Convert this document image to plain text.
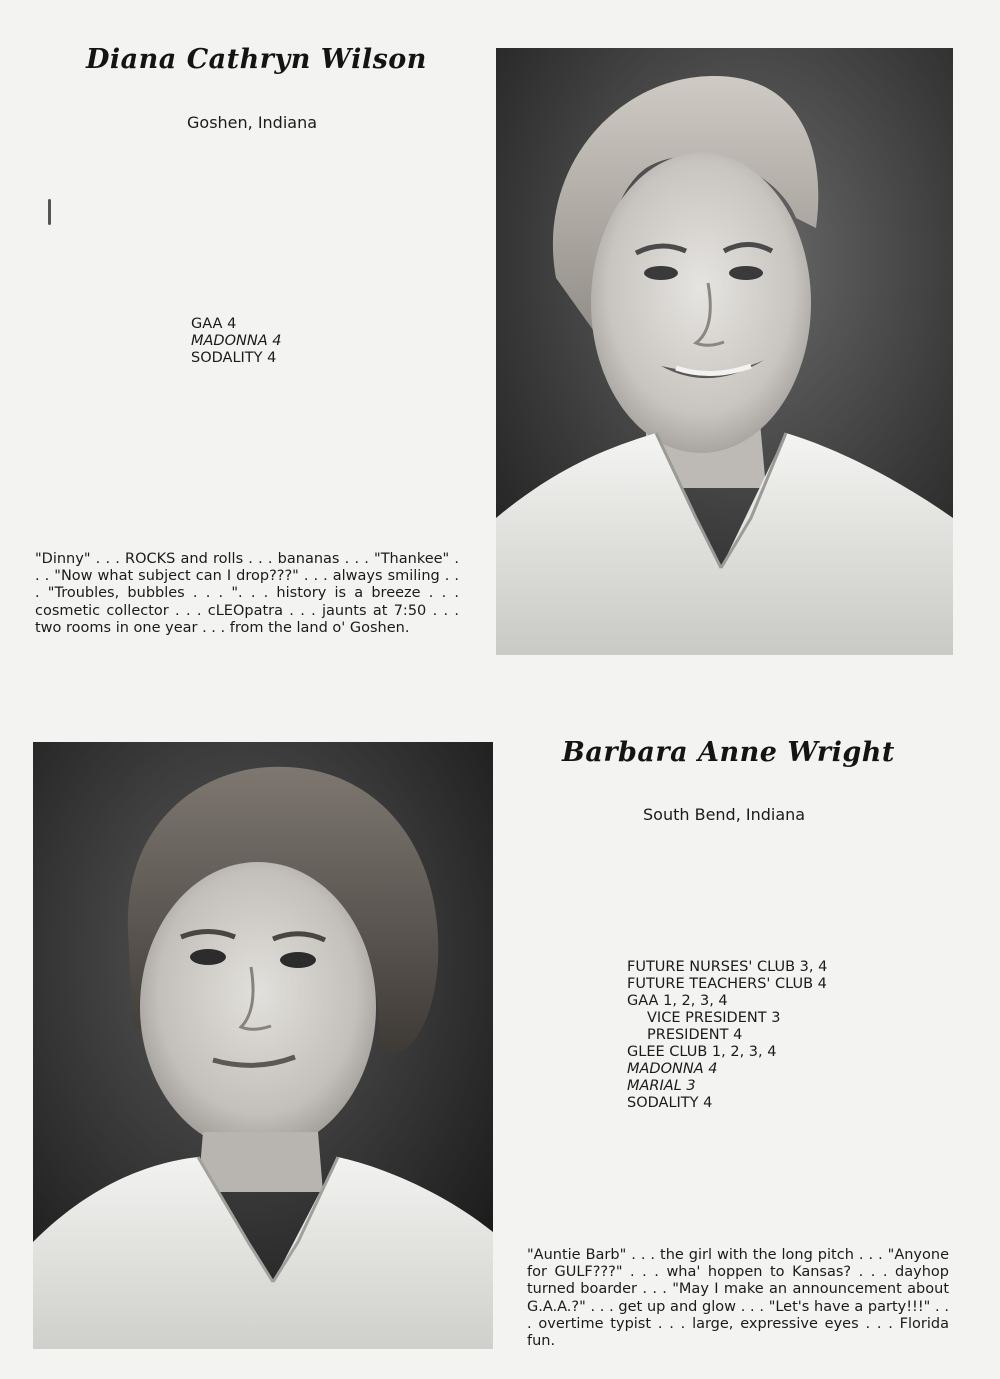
Diana Cathryn Wilson
Goshen, Indiana
GAA 4
MADONNA 4
SODALITY 4

"Dinny" . . . ROCKS and rolls . . . bananas . . . "Thankee" . . . "Now what subject can I drop???" . . . always smiling . . . "Troubles, bubbles . . . ". . . history is a breeze . . . cosmetic collector . . . cLEOpatra . . . jaunts at 7:50 . . . two rooms in one year . . . from the land o' Goshen.

Barbara Anne Wright
South Bend, Indiana
FUTURE NURSES' CLUB 3, 4
FUTURE TEACHERS' CLUB 4
GAA 1, 2, 3, 4
VICE PRESIDENT 3
PRESIDENT 4
GLEE CLUB 1, 2, 3, 4
MADONNA 4
MARIAL 3
SODALITY 4

"Auntie Barb" . . . the girl with the long pitch . . . "Anyone for GULF???" . . . wha' hoppen to Kansas? . . . dayhop turned boarder . . . "May I make an announcement about G.A.A.?" . . . get up and glow . . . "Let's have a party!!!" . . . overtime typist . . . large, expressive eyes . . . Florida fun.
